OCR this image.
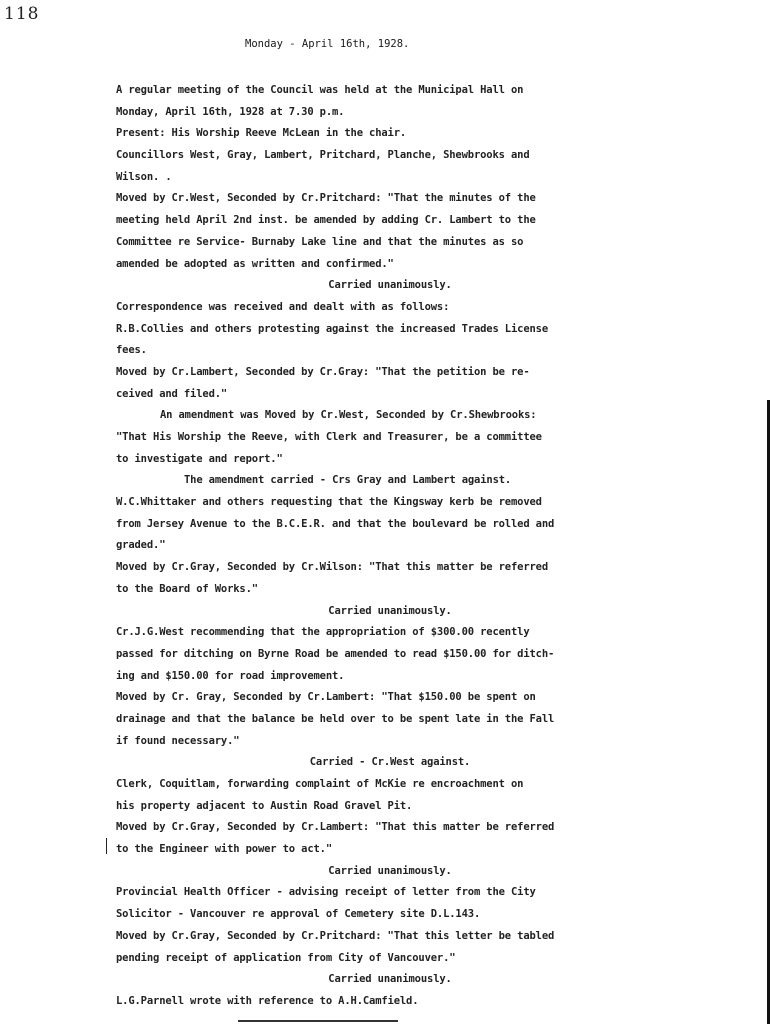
118
Monday - April 16th, 1928.
A regular meeting of the Council was held at the Municipal Hall on
Monday, April 16th, 1928 at 7.30 p.m.
Present: His Worship Reeve McLean in the chair.
Councillors West, Gray, Lambert, Pritchard, Planche, Shewbrooks and
Wilson. .
Moved by Cr.West, Seconded by Cr.Pritchard: "That the minutes of the
meeting held April 2nd inst. be amended by adding Cr. Lambert to the
Committee re Service- Burnaby Lake line and that the minutes as so
amended be adopted as written and confirmed."
Carried unanimously.
Correspondence was received and dealt with as follows:
R.B.Collies and others protesting against the increased Trades License
fees.
Moved by Cr.Lambert, Seconded by Cr.Gray: "That the petition be re-
ceived and filed."
An amendment was Moved by Cr.West, Seconded by Cr.Shewbrooks:
"That His Worship the Reeve, with Clerk and Treasurer, be a committee
to investigate and report."
The amendment carried - Crs Gray and Lambert against.
W.C.Whittaker and others requesting that the Kingsway kerb be removed
from Jersey Avenue to the B.C.E.R. and that the boulevard be rolled and
graded."
Moved by Cr.Gray, Seconded by Cr.Wilson: "That this matter be referred
to the Board of Works."
Carried unanimously.
Cr.J.G.West recommending that the appropriation of $300.00 recently
passed for ditching on Byrne Road be amended to read $150.00 for ditch-
ing and $150.00 for road improvement.
Moved by Cr. Gray, Seconded by Cr.Lambert: "That $150.00 be spent on
drainage and that the balance be held over to be spent late in the Fall
if found necessary."
Carried - Cr.West against.
Clerk, Coquitlam, forwarding complaint of McKie re encroachment on
his property adjacent to Austin Road Gravel Pit.
Moved by Cr.Gray, Seconded by Cr.Lambert: "That this matter be referred
to the Engineer with power to act."
Carried unanimously.
Provincial Health Officer - advising receipt of letter from the City
Solicitor - Vancouver re approval of Cemetery site D.L.143.
Moved by Cr.Gray, Seconded by Cr.Pritchard: "That this letter be tabled
pending receipt of application from City of Vancouver."
Carried unanimously.
L.G.Parnell wrote with reference to A.H.Camfield.
